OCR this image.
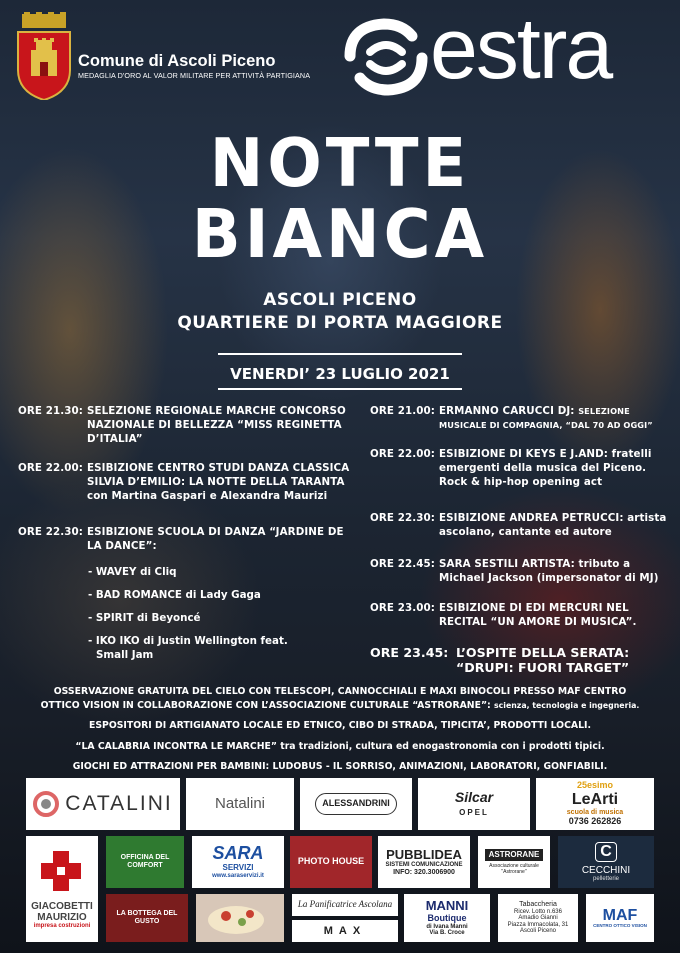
Comune di Ascoli Piceno
MEDAGLIA D'ORO AL VALOR MILITARE PER ATTIVITÀ PARTIGIANA estra
NOTTE
BIANCA
ASCOLI PICENO
QUARTIERE DI PORTA MAGGIORE
VENERDI’ 23 LUGLIO 2021
ORE 21.30: SELEZIONE REGIONALE MARCHE CONCORSO NAZIONALE DI BELLEZZA “MISS REGINETTA D’ITALIA”
ORE 22.00: ESIBIZIONE CENTRO STUDI DANZA CLASSICA SILVIA D’EMILIO: LA NOTTE DELLA TARANTA con Martina Gaspari e Alexandra Maurizi
ORE 22.30: ESIBIZIONE SCUOLA DI DANZA “JARDINE DE LA DANCE”:
- WAVEY di Cliq
- BAD ROMANCE di Lady Gaga
- SPIRIT di Beyoncé
- IKO IKO di Justin Wellington feat.
Small Jam
ORE 21.00: ERMANNO CARUCCI DJ: SELEZIONE MUSICALE DI COMPAGNIA, “DAL 70 AD OGGI”
ORE 22.00: ESIBIZIONE DI KEYS E J.AND: fratelli emergenti della musica del Piceno. Rock & hip-hop opening act
ORE 22.30: ESIBIZIONE ANDREA PETRUCCI: artista ascolano, cantante ed autore
ORE 22.45: SARA SESTILI ARTISTA: tributo a Michael Jackson (impersonator di MJ)
ORE 23.00: ESIBIZIONE DI EDI MERCURI NEL RECITAL “UN AMORE DI MUSICA”.
ORE 23.45: L’OSPITE DELLA SERATA:
“DRUPI: FUORI TARGET”
OSSERVAZIONE GRATUITA DEL CIELO CON TELESCOPI, CANNOCCHIALI E MAXI BINOCOLI PRESSO MAF CENTRO
OTTICO VISION IN COLLABORAZIONE CON L’ASSOCIAZIONE CULTURALE “ASTRORANE”: scienza, tecnologia e ingegneria.
ESPOSITORI DI ARTIGIANATO LOCALE ED ETNICO, CIBO DI STRADA, TIPICITA’, PRODOTTI LOCALI.
“LA CALABRIA INCONTRA LE MARCHE” tra tradizioni, cultura ed enogastronomia con i prodotti tipici.
GIOCHI ED ATTRAZIONI PER BAMBINI: LUDOBUS - IL SORRISO, ANIMAZIONI, LABORATORI, GONFIABILI.
CATALINI	Natalini	ALESSANDRINI	Silcar
OPEL
25esimo
LeArti
scuola di musica
0736 262826
GIACOBETTI
MAURIZIO
impresa costruzioni
OFFICINA DEL COMFORT
SARA
SERVIZI
www.saraservizi.it
PHOTO HOUSE PUBBLIDEA
SISTEMI COMUNICAZIONE
INFO: 320.3006900
ASTRORANE
Associazione culturale "Astrorane"
C
CECCHINI
pelletterie
LA BOTTEGA DEL GUSTO
La Panificatrice Ascolana
MAX
MANNI
Boutique
di Ivana Manni
Via B. Croce
Tabaccheria
Ricev. Lotto n.636
Amadio Gianni
Piazza Immacolata, 31
Ascoli Piceno
MAF
CENTRO OTTICO VISION
